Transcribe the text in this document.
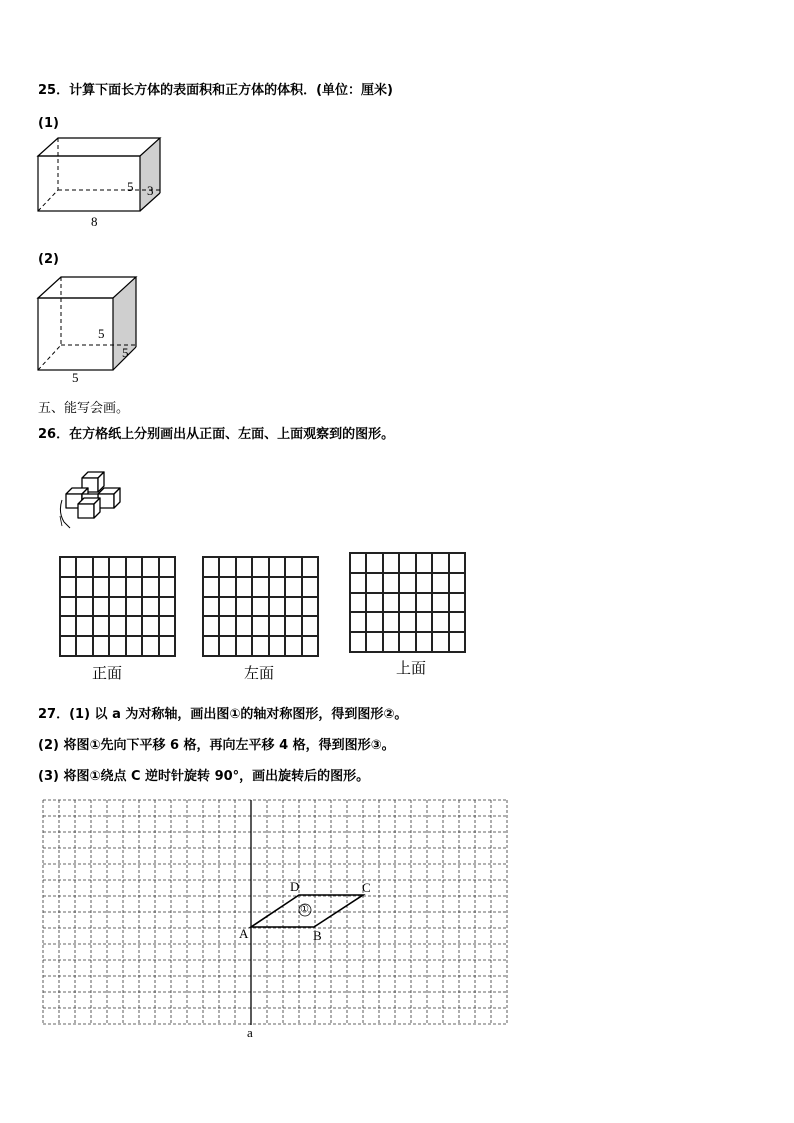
25．计算下面长方体的表面积和正方体的体积．(单位：厘米)
(1)
5 3
8
(2)
5
5
5
五、能写会画。
26．在方格纸上分别画出从正面、左面、上面观察到的图形。
正面	左面	上面
27．(1) 以 a 为对称轴，画出图①的轴对称图形，得到图形②。
(2) 将图①先向下平移 6 格，再向左平移 4 格，得到图形③。
(3) 将图①绕点 C 逆时针旋转 90°，画出旋转后的图形。
A	B
C
D
①
a
